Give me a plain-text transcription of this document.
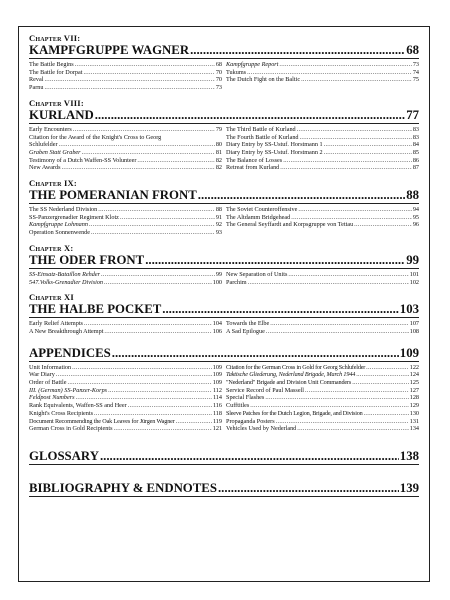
Chapter VII:
KAMPFGRUPPE WAGNER .....	68
The Battle Begins .....	68
The Battle for Dorpat .....	70
Reval .....	70
Parnu .....	73
Kampfgruppe Report .....	73
Tukums .....	74
The Dutch Fight on the Baltic .....	75
Chapter VIII:
KURLAND .....	77
Early Encounters .....	79
Citation for the Award of the Knight's Cross to Georg
Schlufelder .....	80
Graben Statt Graber .....	81
Testimony of a Dutch Waffen-SS Volunteer .....	82
New Awards .....	82
The Third Battle of Kurland .....	83
The Fourth Battle of Kurland .....	83
Diary Entry by SS-Ustuf. Horstmann 1 .....	84
Diary Entry by SS-Ustuf. Horstmann 2 .....	85
The Balance of Losses .....	86
Retreat from Kurland .....	87
Chapter IX:
THE POMERANIAN FRONT .....	88
The SS Nederland Division .....	88
SS-Panzergrenadier Regiment Klotz .....	91
Kampfgruppe Lohmann .....	92
Operation Sonnenwende .....	93
The Soviet Counteroffensive .....	94
The Altdamm Bridgehead .....	95
The General Seyffardt and Korpsgruppe von Tettau .....	96
Chapter X:
THE ODER FRONT .....	99
SS-Einsatz-Bataillon Rehder .....	99
547.Volks-Grenadier Division .....	100
New Separation of Units .....	101
Parchim .....	102
Chapter XI
THE HALBE POCKET .....	103
Early Relief Attempts .....	104
A New Breakthrough Attempt .....	106
Towards the Elbe .....	107
A Sad Epilogue .....	108
APPENDICES .....	109
Unit Information .....	109
War Diary .....	109
Order of Battle .....	109
III. (German) SS-Panzer-Korps .....	112
Feldpost Numbers .....	114
Rank Equivalents, Waffen-SS and Heer .....	116
Knight's Cross Recipients .....	118
Document Recommending the Oak Leaves for Jürgen Wagner .....	119
German Cross in Gold Recipients .....	121
Citation for the German Cross in Gold for Georg Schlufelder .....	122
Taktische Gliederung, Nederland Brigade, March 1944 .....	124
"Nederland" Brigade and Division Unit Commanders .....	125
Service Record of Paul Massell .....	127
Special Flashes .....	128
Cufftitles .....	129
Sleeve Patches for the Dutch Legion, Brigade, and Division .....	130
Propaganda Posters .....	131
Vehicles Used by Nederland .....	134
GLOSSARY .....	138
BIBLIOGRAPHY & ENDNOTES .....	139
